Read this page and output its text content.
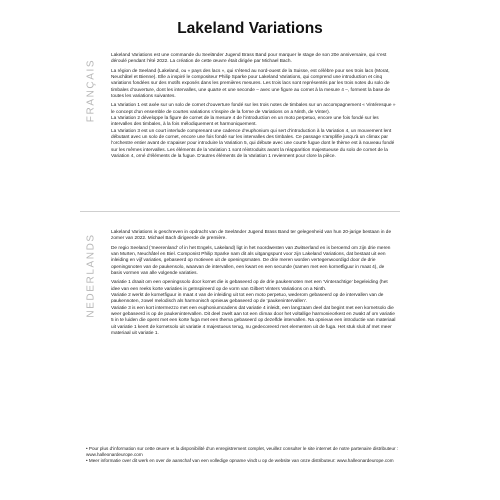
Lakeland Variations
FRANÇAIS

Lakeland Variations est une commande du Seeländer Jugend Brass Band pour marquer le stage de son 20e anniversaire, qui s’est déroulé pendant l’été 2022. La création de cette œuvre était dirigée par Michael Bach.

La région de Seeland (Lakeland, ou « pays des lacs », qui s’étend au nord-ouest de la Suisse, est célèbre pour ses trois lacs (Morat, Neuchâtel et Bienne). Elle a inspiré le compositeur Philip Sparke pour Lakeland Variations, qui comprend une introduction et cinq variations fondées sur des motifs exposés dans les premières mesures. Les trois lacs sont représentés par les trois notes du solo de timbales d’ouverture, dont les intervalles, une quarte et une seconde – avec une figure au cornet à la mesure 4 –, forment la base de toutes les variations suivantes.

La Variation 1 est axée sur un solo de cornet d’ouverture fondé sur les trois notes de timbales sur un accompagnement « Vintéresque » le concept d’un ensemble de courtes variations s’inspire de la forme de Variations on a Ninth, de Vinter).

La Variation 2 développe la figure de cornet de la mesure 4 de l’introduction en un moto perpetuo, encore une fois fondé sur les intervalles des timbales, à la fois mélodiquement et harmoniquement.

La Variation 3 est un court interlude comprenant une cadence d’euphonium qui sert d’introduction à la Variation 4, un mouvement lent débutant avec un solo de cornet, encore une fois fondé sur les intervalles des timbales. Ce passage s’amplifie jusqu’à un climax par l’orchestre entier avant de s’apaiser pour introduire la Variation 5, qui débute avec une courte fugue dont le thème est à nouveau fondé sur les mêmes intervalles. Les éléments de la Variation 1 sont réintroduits avant la réapparition majestueuse du solo de cornet de la Variation 4, orné d’éléments de la fugue. D’autres éléments de la Variation 1 reviennent pour clore la pièce.

NEDERLANDS

Lakeland Variations is geschreven in opdracht van de Seeländer Jugend Brass Band ter gelegenheid van hun 20-jarige bestaan in de zomer van 2022. Michael Bach dirigeerde de première.

De regio Seeland (‘meerenland’ of in het Engels, Lakeland) ligt in het noordwesten van Zwitserland en is beroemd om zijn drie meren van Murten, Neuchâtel en Biel. Componist Philip Sparke nam dit als uitgangspunt voor zijn Lakeland Variations, dat bestaat uit een inleiding en vijf variaties, gebaseerd op motieven uit de openingsmaten. De drie meren worden vertegenwoordigd door de drie openingsnoten van de paukensolo, waarvan de intervallen, een kwart en een secunde (samen met een kornetfiguur in maat 4), de basis vormen van alle volgende variaties.

Variatie 1 draait om een openingssolo door kornet die is gebaseerd op de drie paukennoten met een ‘Vinterachtige’ begeleiding (het idee van een reeks korte variaties is geïnspireerd op de vorm van Gilbert Vinters Variations on a Ninth.

Variatie 2 werkt de kornetfiguur in maat 4 van de inleiding uit tot een moto perpetuo, wederom gebaseerd op de intervallen van de paukennoten, zowel melodisch als harmonisch opnieuw gebaseerd op de ‘paukenintervallen’.

Variatie 3 is een kort intermezzo met een euphoniumcadens dat variatie 4 inleidt, een langzaam deel dat begint met een kornetsolo die weer gebaseerd is op de paukenintervallen. Dit deel zwelt aan tot een climax door het voltallige harmonieorkest en zwakt af om variatie 5 in te luiden die opent met een korte fuga met een thema gebaseerd op dezelfde intervallen. Na opnieuw een introductie van materiaal uit variatie 1 keert de kornetsolo uit variatie 4 majestueus terug, nu gedecoreerd met elementen uit de fuga. Het stuk sluit af met meer materiaal uit variatie 1.

• Pour plus d’information sur cette œuvre et la disponibilité d’un enregistrement complet, veuillez consulter le site internet de notre partenaire distributeur : www.halleonardeurope.com

• Meer informatie over dit werk en over de aanschaf van een volledige opname vindt u op de website van onze distributeur: www.halleonardeurope.com
